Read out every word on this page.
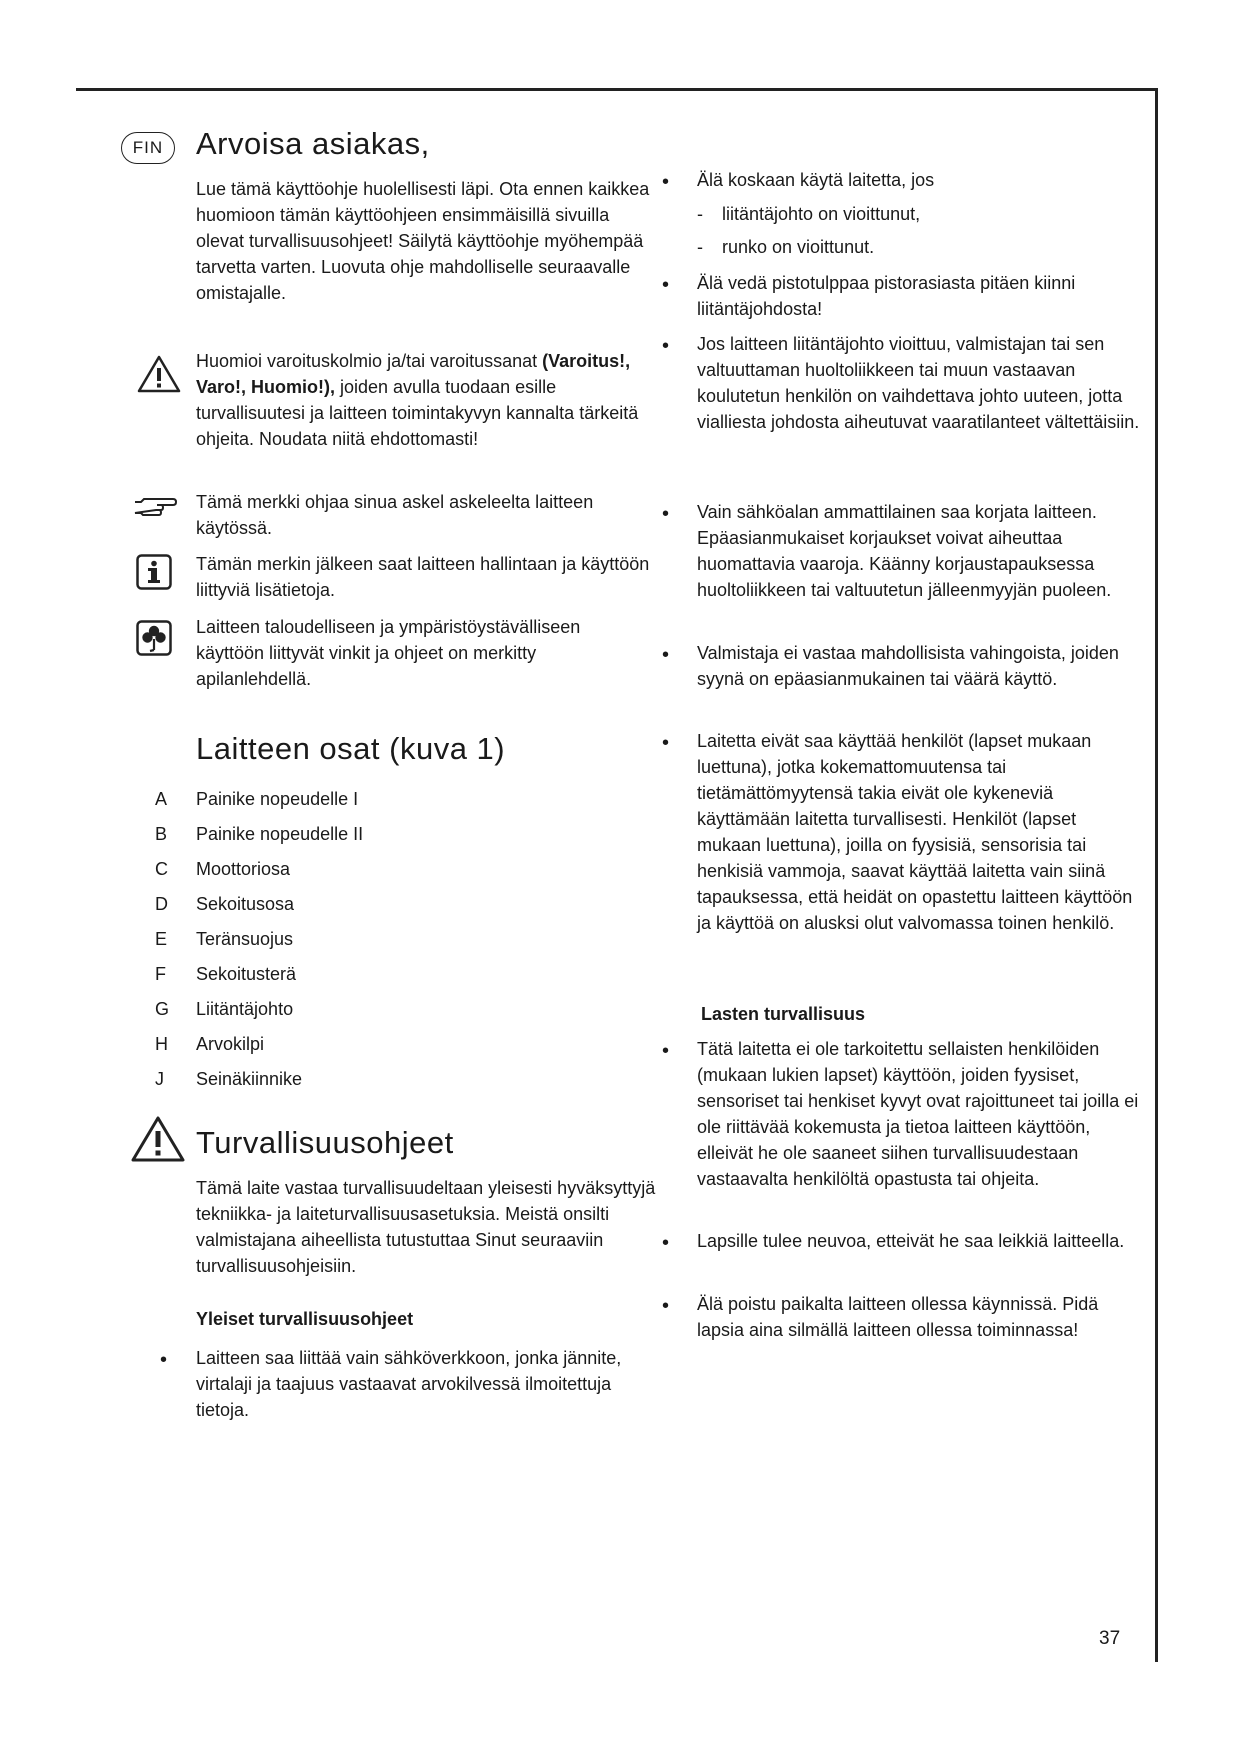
FIN	Arvoisa asiakas,

Lue tämä käyttöohje huolellisesti läpi. Ota ennen kaikkea huomioon tämän käyttöohjeen ensimmäisillä sivuilla olevat turvallisuusohjeet! Säilytä käyttöohje myöhempää tarvetta varten. Luovuta ohje mahdolliselle seuraavalle omistajalle.

Huomioi varoituskolmio ja/tai varoitussanat (Varoitus!, Varo!, Huomio!), joiden avulla tuodaan esille turvallisuutesi ja laitteen toimintakyvyn kannalta tärkeitä ohjeita. Noudata niitä ehdottomasti!

Tämä merkki ohjaa sinua askel askeleelta laitteen käytössä.

Tämän merkin jälkeen saat laitteen hallintaan ja käyttöön liittyviä lisätietoja.

Laitteen taloudelliseen ja ympäristöystävälliseen käyttöön liittyvät vinkit ja ohjeet on merkitty apilanlehdellä.

Laitteen osat (kuva 1)
A	Painike nopeudelle I
B	Painike nopeudelle II
C	Moottoriosa
D	Sekoitusosa
E	Teränsuojus
F	Sekoitusterä
G	Liitäntäjohto
H	Arvokilpi
J	Seinäkiinnike
Turvallisuusohjeet

Tämä laite vastaa turvallisuudeltaan yleisesti hyväksyttyjä tekniikka- ja laiteturvallisuusasetuksia. Meistä onsilti valmistajana aiheellista tutustuttaa Sinut seuraaviin turvallisuusohjeisiin.

Yleiset turvallisuusohjeet

• Laitteen saa liittää vain sähköverkkoon, jonka jännite, virtalaji ja taajuus vastaavat arvokilvessä ilmoitettuja tietoja.

• Älä koskaan käytä laitetta, jos

- liitäntäjohto on vioittunut,
- runko on vioittunut.
• Älä vedä pistotulppaa pistorasiasta pitäen kiinni liitäntäjohdosta!

• Jos laitteen liitäntäjohto vioittuu, valmistajan tai sen valtuuttaman huoltoliikkeen tai muun vastaavan koulutetun henkilön on vaihdettava johto uuteen, jotta vialliesta johdosta aiheutuvat vaaratilanteet vältettäisiin.

• Vain sähköalan ammattilainen saa korjata laitteen. Epäasianmukaiset korjaukset voivat aiheuttaa huomattavia vaaroja. Käänny korjaustapauksessa huoltoliikkeen tai valtuutetun jälleenmyyjän puoleen.

• Valmistaja ei vastaa mahdollisista vahingoista, joiden syynä on epäasianmukainen tai väärä käyttö.

• Laitetta eivät saa käyttää henkilöt (lapset mukaan luettuna), jotka kokemattomuutensa tai tietämättömyytensä takia eivät ole kykeneviä käyttämään laitetta turvallisesti. Henkilöt (lapset mukaan luettuna), joilla on fyysisiä, sensorisia tai henkisiä vammoja, saavat käyttää laitetta vain siinä tapauksessa, että heidät on opastettu laitteen käyttöön ja käyttöä on alusksi olut valvomassa toinen henkilö.

Lasten turvallisuus

• Tätä laitetta ei ole tarkoitettu sellaisten henkilöiden (mukaan lukien lapset) käyttöön, joiden fyysiset, sensoriset tai henkiset kyvyt ovat rajoittuneet tai joilla ei ole riittävää kokemusta ja tietoa laitteen käyttöön, elleivät he ole saaneet siihen turvallisuudestaan vastaavalta henkilöltä opastusta tai ohjeita.

• Lapsille tulee neuvoa, etteivät he saa leikkiä laitteella.

• Älä poistu paikalta laitteen ollessa käynnissä. Pidä lapsia aina silmällä laitteen ollessa toiminnassa!

37
